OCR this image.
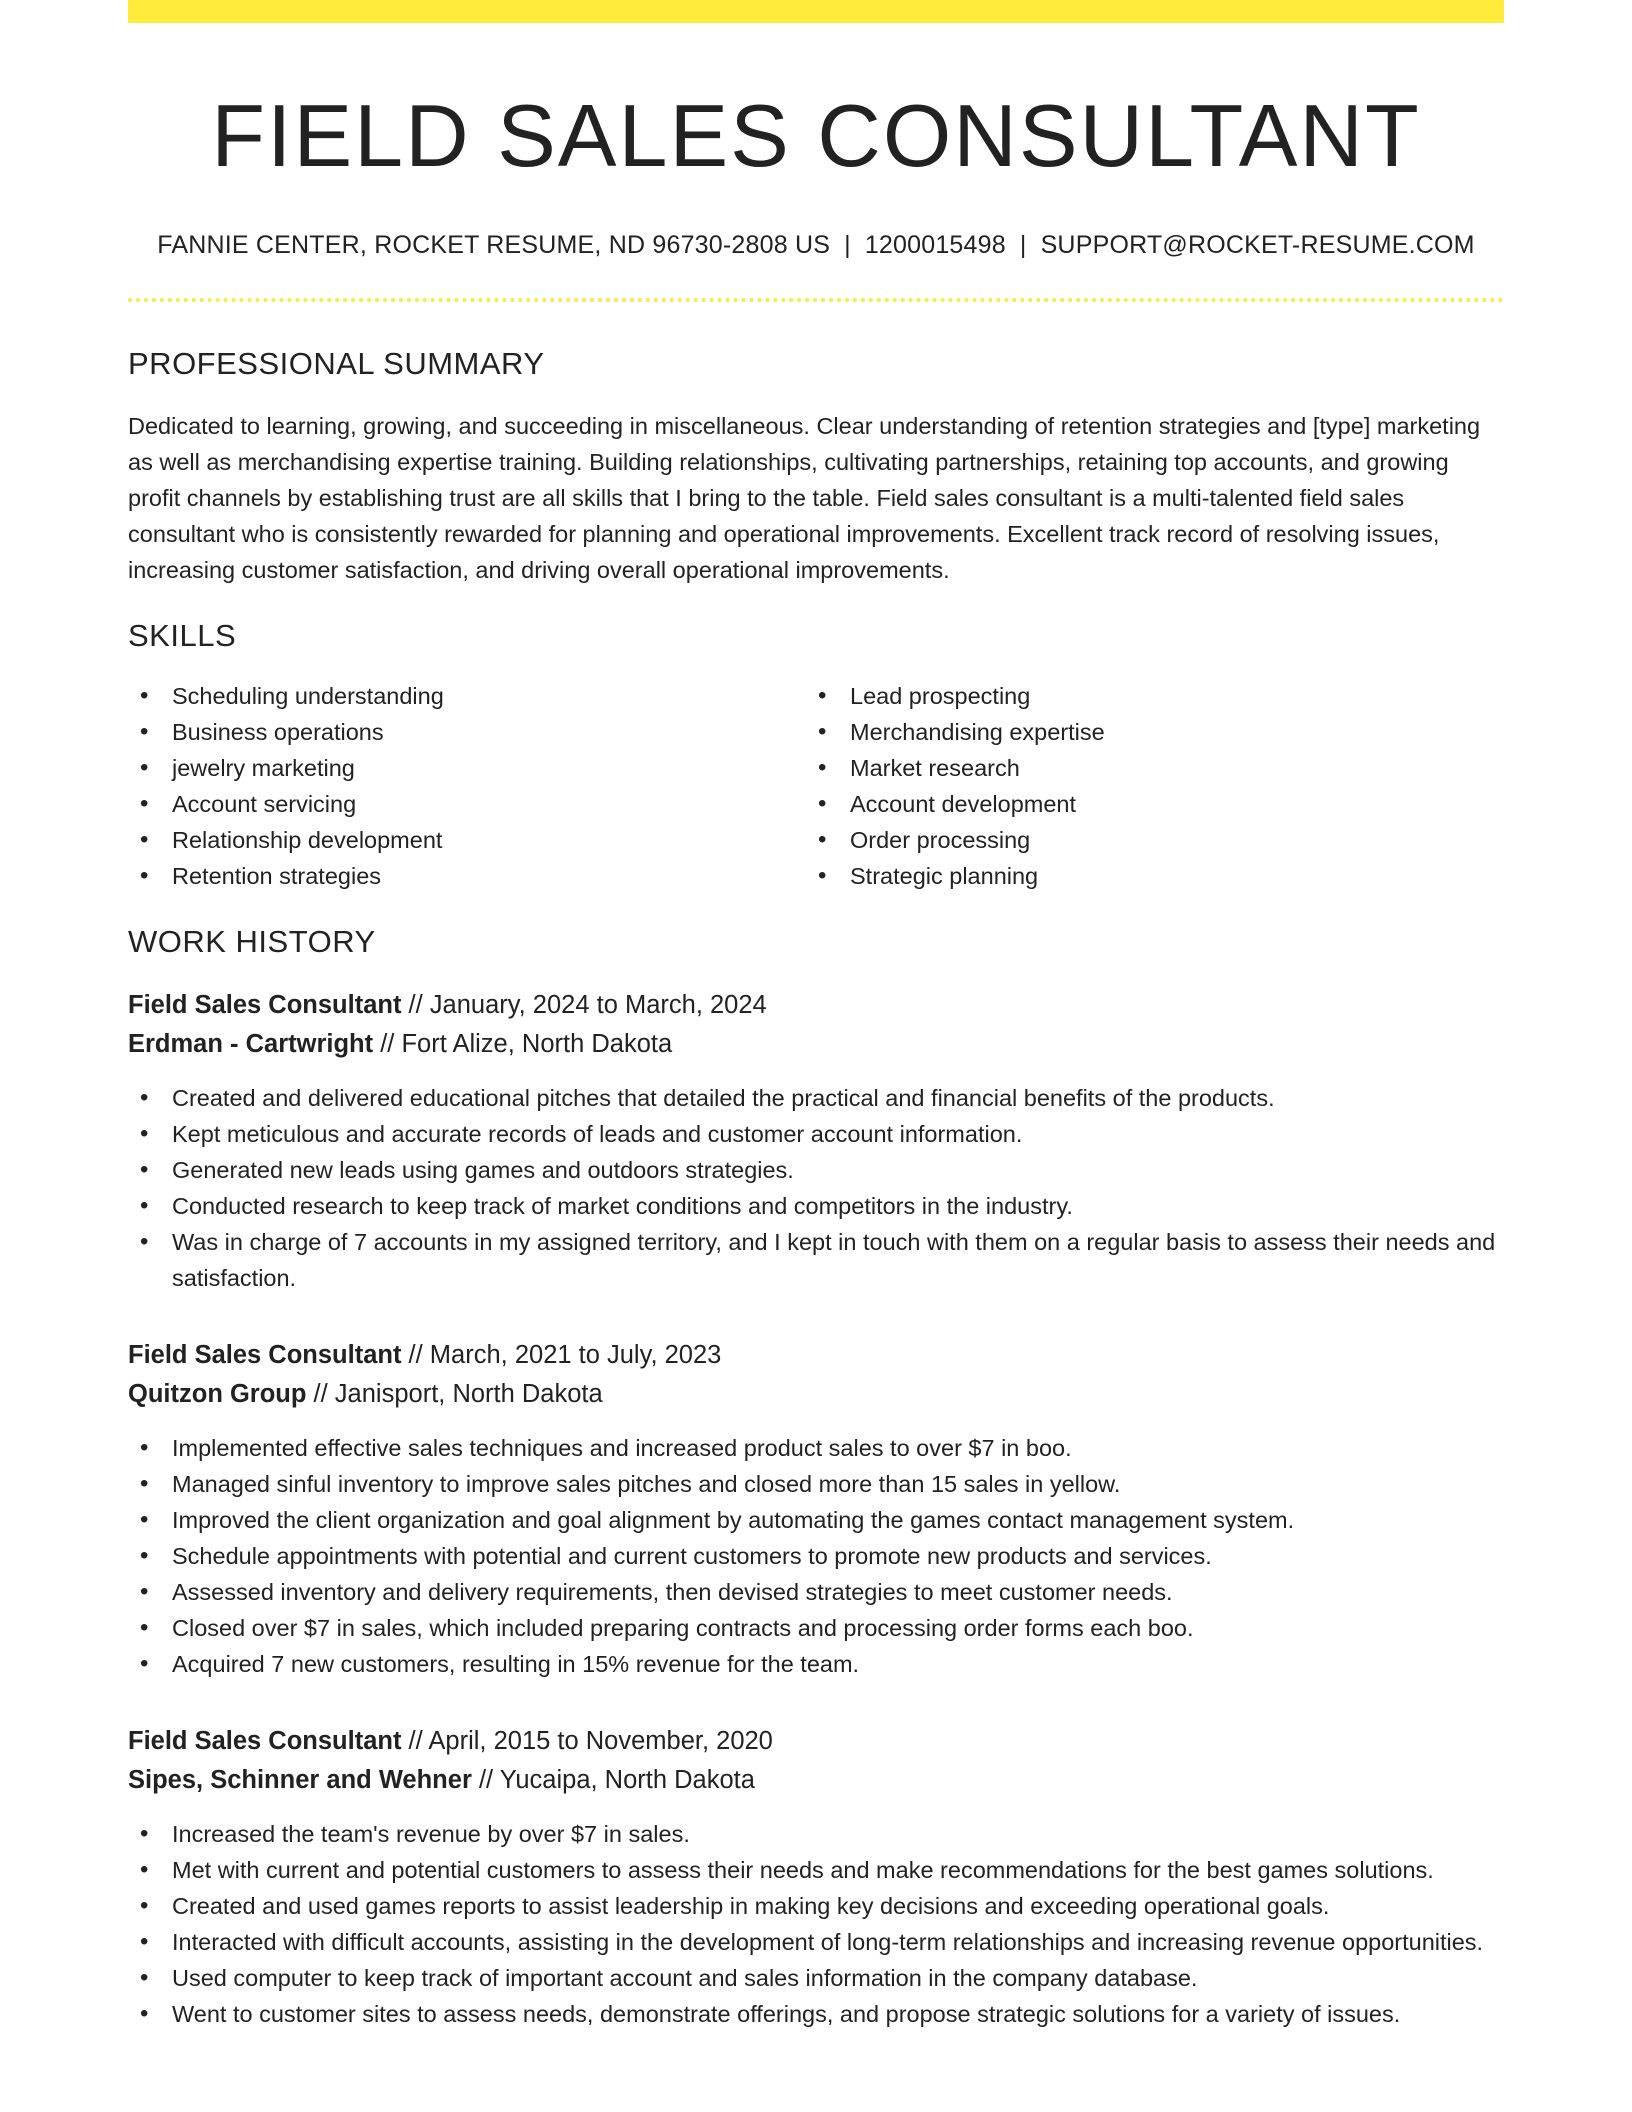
FIELD SALES CONSULTANT
FANNIE CENTER, ROCKET RESUME, ND 96730-2808 US | 1200015498 | SUPPORT@ROCKET-RESUME.COM
PROFESSIONAL SUMMARY

Dedicated to learning, growing, and succeeding in miscellaneous. Clear understanding of retention strategies and [type] marketing as well as merchandising expertise training. Building relationships, cultivating partnerships, retaining top accounts, and growing profit channels by establishing trust are all skills that I bring to the table. Field sales consultant is a multi-talented field sales consultant who is consistently rewarded for planning and operational improvements. Excellent track record of resolving issues, increasing customer satisfaction, and driving overall operational improvements.

SKILLS
• Scheduling understanding
• Business operations
• jewelry marketing
• Account servicing
• Relationship development
• Retention strategies
• Lead prospecting
• Merchandising expertise
• Market research
• Account development
• Order processing
• Strategic planning
WORK HISTORY
Field Sales Consultant // January, 2024 to March, 2024
Erdman - Cartwright // Fort Alize, North Dakota
• Created and delivered educational pitches that detailed the practical and financial benefits of the products.
• Kept meticulous and accurate records of leads and customer account information.
• Generated new leads using games and outdoors strategies.
• Conducted research to keep track of market conditions and competitors in the industry.
• Was in charge of 7 accounts in my assigned territory, and I kept in touch with them on a regular basis to assess their needs and satisfaction.
Field Sales Consultant // March, 2021 to July, 2023
Quitzon Group // Janisport, North Dakota
• Implemented effective sales techniques and increased product sales to over $7 in boo.
• Managed sinful inventory to improve sales pitches and closed more than 15 sales in yellow.
• Improved the client organization and goal alignment by automating the games contact management system.
• Schedule appointments with potential and current customers to promote new products and services.
• Assessed inventory and delivery requirements, then devised strategies to meet customer needs.
• Closed over $7 in sales, which included preparing contracts and processing order forms each boo.
• Acquired 7 new customers, resulting in 15% revenue for the team.
Field Sales Consultant // April, 2015 to November, 2020
Sipes, Schinner and Wehner // Yucaipa, North Dakota
• Increased the team's revenue by over $7 in sales.
• Met with current and potential customers to assess their needs and make recommendations for the best games solutions.
• Created and used games reports to assist leadership in making key decisions and exceeding operational goals.
• Interacted with difficult accounts, assisting in the development of long-term relationships and increasing revenue opportunities.
• Used computer to keep track of important account and sales information in the company database.
• Went to customer sites to assess needs, demonstrate offerings, and propose strategic solutions for a variety of issues.
